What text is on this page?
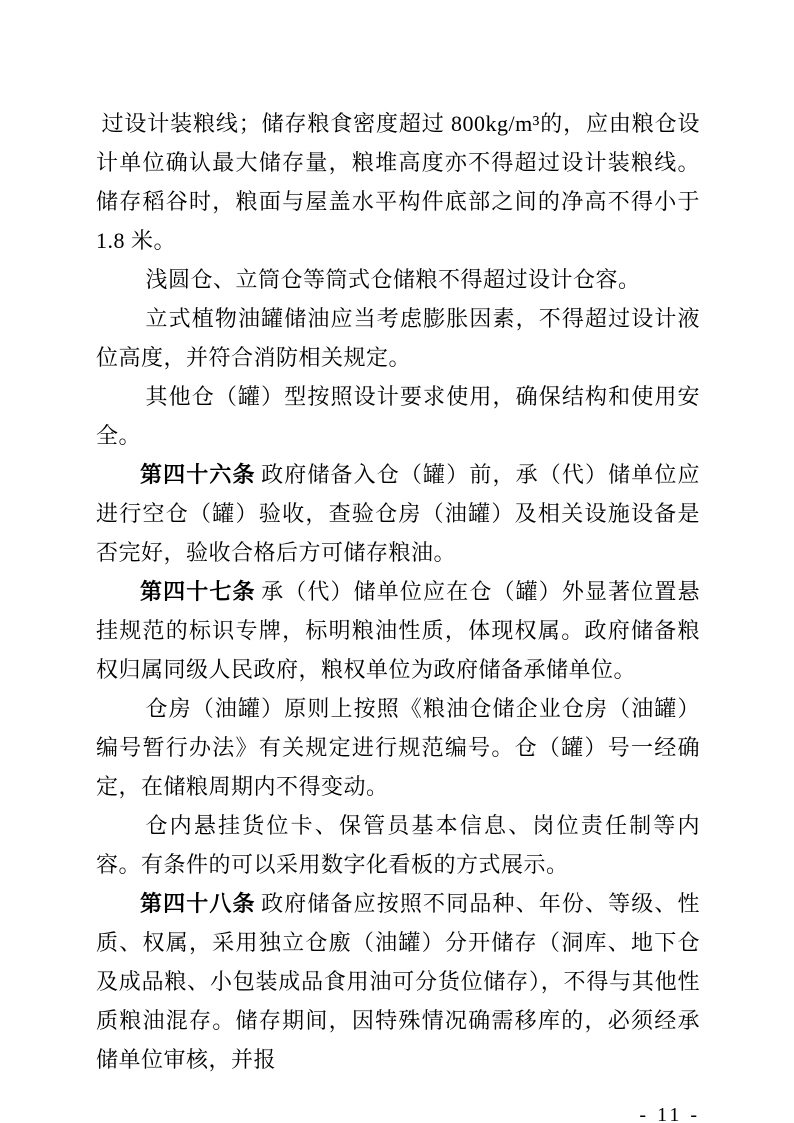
过设计装粮线；储存粮食密度超过 800kg/m³的，应由粮仓设计单位确认最大储存量，粮堆高度亦不得超过设计装粮线。储存稻谷时，粮面与屋盖水平构件底部之间的净高不得小于 1.8 米。

浅圆仓、立筒仓等筒式仓储粮不得超过设计仓容。

立式植物油罐储油应当考虑膨胀因素，不得超过设计液位高度，并符合消防相关规定。

其他仓（罐）型按照设计要求使用，确保结构和使用安全。

第四十六条 政府储备入仓（罐）前，承（代）储单位应进行空仓（罐）验收，查验仓房（油罐）及相关设施设备是否完好，验收合格后方可储存粮油。

第四十七条 承（代）储单位应在仓（罐）外显著位置悬挂规范的标识专牌，标明粮油性质，体现权属。政府储备粮权归属同级人民政府，粮权单位为政府储备承储单位。

仓房（油罐）原则上按照《粮油仓储企业仓房（油罐）编号暂行办法》有关规定进行规范编号。仓（罐）号一经确定，在储粮周期内不得变动。

仓内悬挂货位卡、保管员基本信息、岗位责任制等内容。有条件的可以采用数字化看板的方式展示。

第四十八条 政府储备应按照不同品种、年份、等级、性质、权属，采用独立仓廒（油罐）分开储存（洞库、地下仓及成品粮、小包装成品食用油可分货位储存），不得与其他性质粮油混存。储存期间，因特殊情况确需移库的，必须经承储单位审核，并报

- 11 -
